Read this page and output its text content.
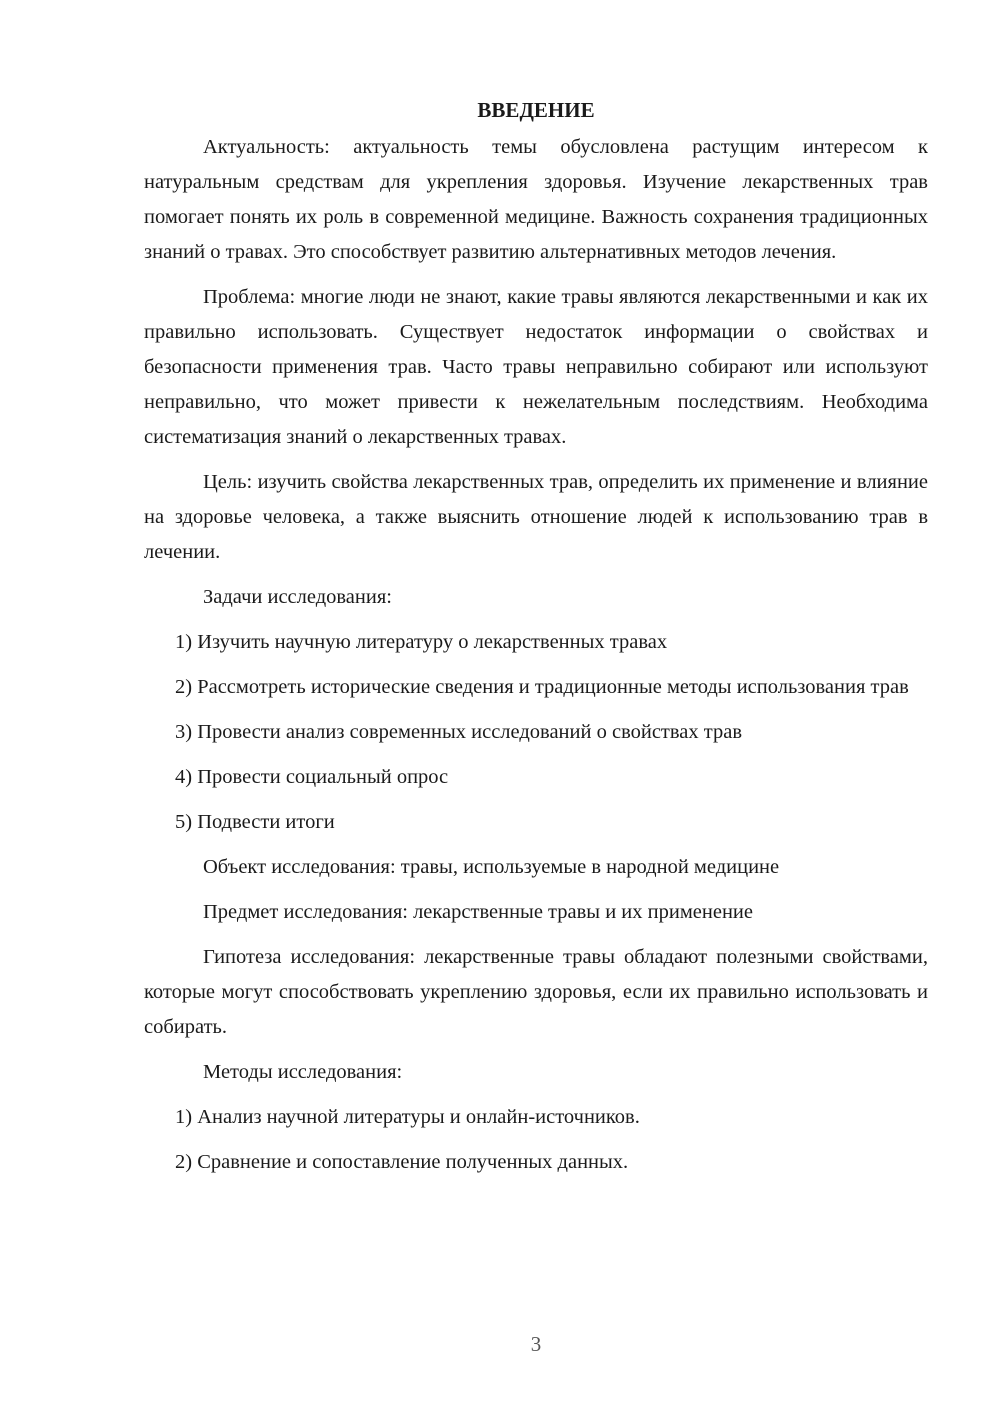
ВВЕДЕНИЕ

Актуальность: актуальность темы обусловлена растущим интересом к натуральным средствам для укрепления здоровья. Изучение лекарственных трав помогает понять их роль в современной медицине. Важность сохранения традиционных знаний о травах. Это способствует развитию альтернативных методов лечения.

Проблема: многие люди не знают, какие травы являются лекарственными и как их правильно использовать. Существует недостаток информации о свойствах и безопасности применения трав. Часто травы неправильно собирают или используют неправильно, что может привести к нежелательным последствиям. Необходима систематизация знаний о лекарственных травах.

Цель: изучить свойства лекарственных трав, определить их применение и влияние на здоровье человека, а также выяснить отношение людей к использованию трав в лечении.

Задачи исследования:

1) Изучить научную литературу о лекарственных травах

2) Рассмотреть исторические сведения и традиционные методы использования трав

3) Провести анализ современных исследований о свойствах трав

4) Провести социальный опрос

5) Подвести итоги

Объект исследования: травы, используемые в народной медицине

Предмет исследования: лекарственные травы и их применение

Гипотеза исследования: лекарственные травы обладают полезными свойствами, которые могут способствовать укреплению здоровья, если их правильно использовать и собирать.

Методы исследования:

1) Анализ научной литературы и онлайн-источников.

2) Сравнение и сопоставление полученных данных.

3
